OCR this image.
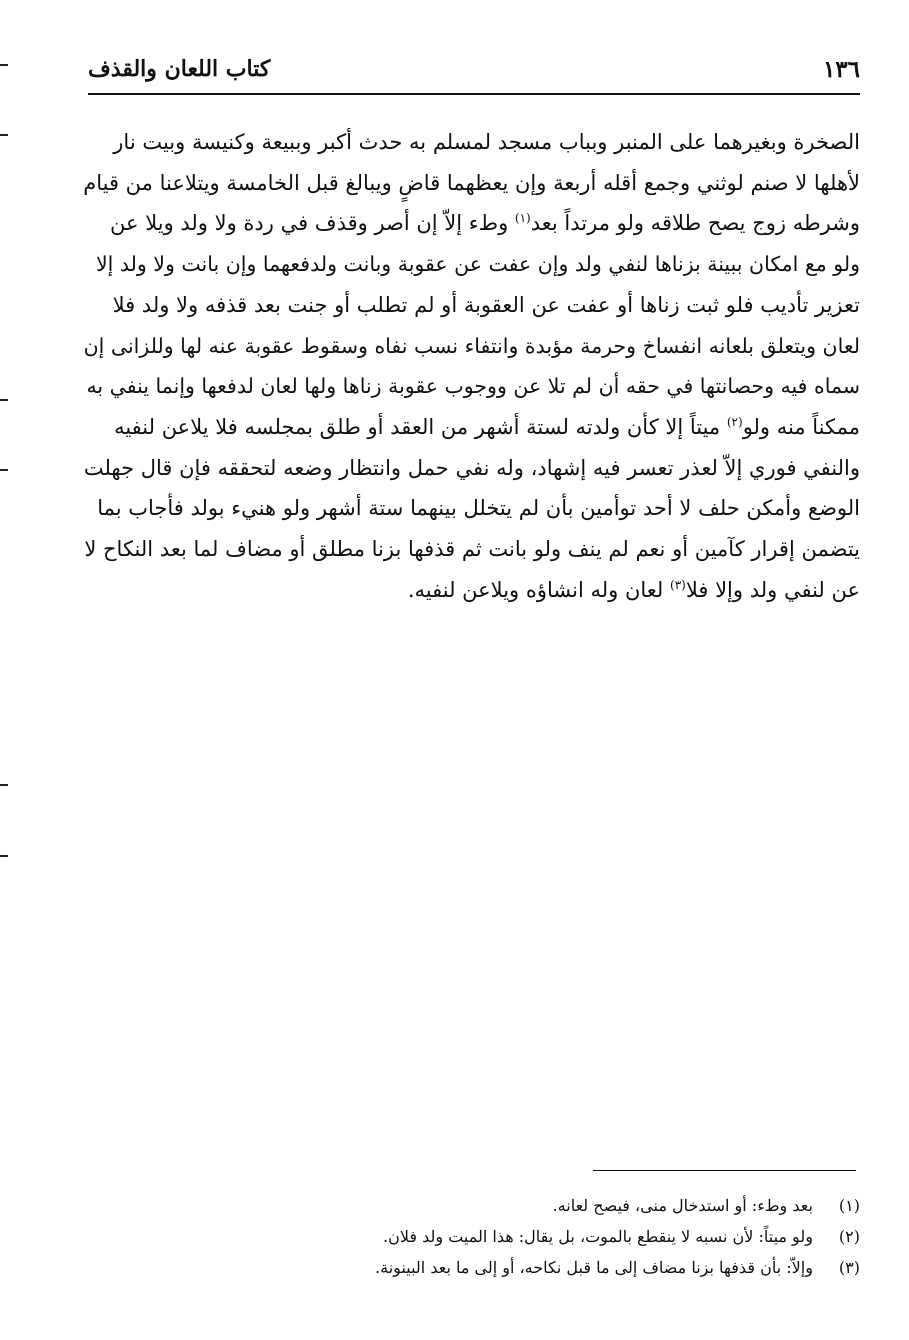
١٣٦
كتاب اللعان والقذف
الصخرة وبغيرهما على المنبر وبباب مسجد لمسلم به حدث أكبر وببيعة وكنيسة وبيت نار
لأهلها لا صنم لوثني وجمع أقله أربعة وإن يعظهما قاضٍ ويبالغ قبل الخامسة ويتلاعنا من قيام
وشرطه زوج يصح طلاقه ولو مرتداً بعد$^{(١)}$ وطء إلاّ إن أصر وقذف في ردة ولا ولد ويلا عن
ولو مع امكان ببينة بزناها لنفي ولد وإن عفت عن عقوبة وبانت ولدفعهما وإن بانت ولا ولد إلا
تعزير تأديب فلو ثبت زناها أو عفت عن العقوبة أو لم تطلب أو جنت بعد قذفه ولا ولد فلا
لعان ويتعلق بلعانه انفساخ وحرمة مؤبدة وانتفاء نسب نفاه وسقوط عقوبة عنه لها وللزانى إن
سماه فيه وحصانتها في حقه أن لم تلا عن ووجوب عقوبة زناها ولها لعان لدفعها وإنما ينفي به
ممكناً منه ولو$^{(٢)}$ ميتاً إلا كأن ولدته لستة أشهر من العقد أو طلق بمجلسه فلا يلاعن لنفيه
والنفي فوري إلاّ لعذر تعسر فيه إشهاد، وله نفي حمل وانتظار وضعه لتحققه فإن قال جهلت
الوضع وأمكن حلف لا أحد توأمين بأن لم يتخلل بينهما ستة أشهر ولو هنيء بولد فأجاب بما
يتضمن إقرار كآمين أو نعم لم ينف ولو بانت ثم قذفها بزنا مطلق أو مضاف لما بعد النكاح لا
عن لنفي ولد وإلا فلا$^{(٣)}$ لعان وله انشاؤه ويلاعن لنفيه.
(١) بعد وطء: أو استدخال منى، فيصح لعانه.
(٢) ولو ميتاً: لأن نسبه لا ينقطع بالموت، بل يقال: هذا الميت ولد فلان.
(٣) وإلاّ: بأن قذفها بزنا مضاف إلى ما قبل نكاحه، أو إلى ما بعد البينونة.
